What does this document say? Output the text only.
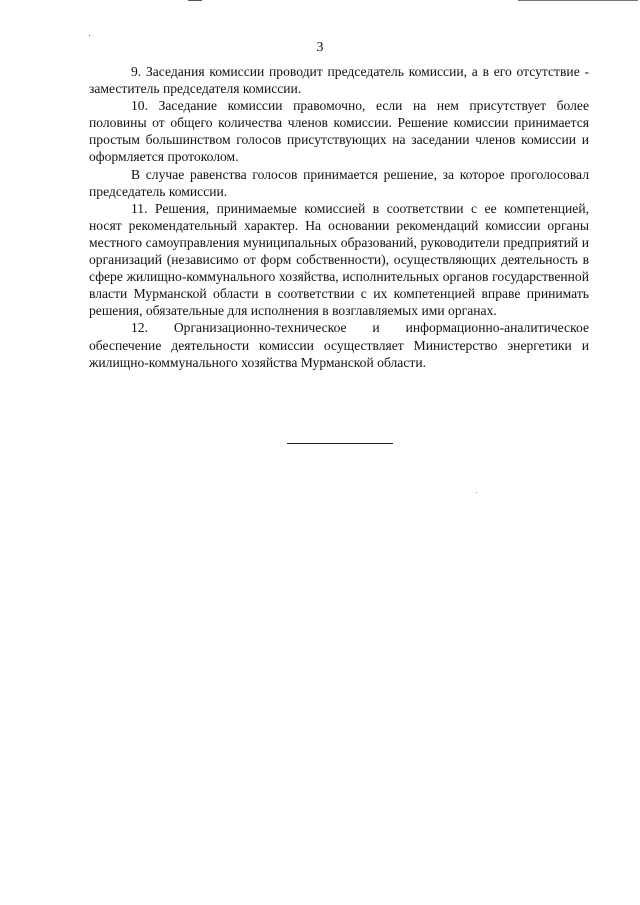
3

9. Заседания комиссии проводит председатель комиссии, а в его отсутствие - заместитель председателя комиссии.

10. Заседание комиссии правомочно, если на нем присутствует более половины от общего количества членов комиссии. Решение комиссии принимается простым большинством голосов присутствующих на заседании членов комиссии и оформляется протоколом.

В случае равенства голосов принимается решение, за которое проголосовал председатель комиссии.

11. Решения, принимаемые комиссией в соответствии с ее компетенцией, носят рекомендательный характер. На основании рекомендаций комиссии органы местного самоуправления муниципальных образований, руководители предприятий и организаций (независимо от форм собственности), осуществляющих деятельность в сфере жилищно-коммунального хозяйства, исполнительных органов государственной власти Мурманской области в соответствии с их компетенцией вправе принимать решения, обязательные для исполнения в возглавляемых ими органах.

12. Организационно-техническое и информационно-аналитическое обеспечение деятельности комиссии осуществляет Министерство энергетики и жилищно-коммунального хозяйства Мурманской области.
